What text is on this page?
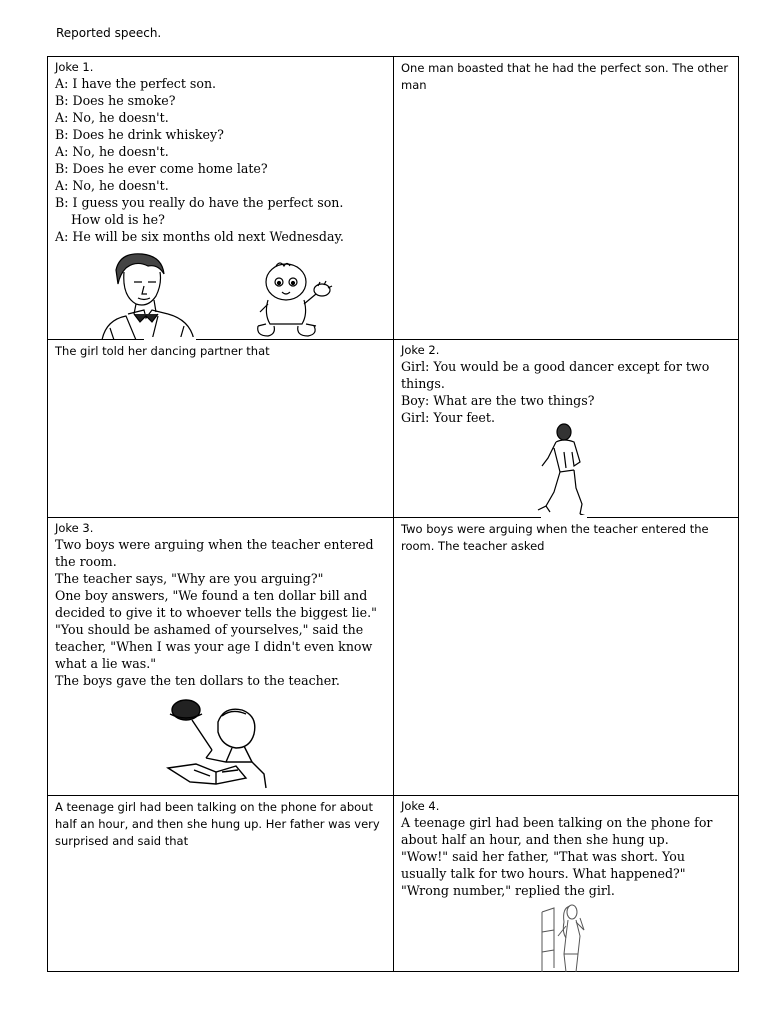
Reported speech.
Joke 1.
A: I have the perfect son.
B: Does he smoke?
A: No, he doesn't.
B: Does he drink whiskey?
A: No, he doesn't.
B: Does he ever come home late?
A: No, he doesn't.
B: I guess you really do have the perfect son.
How old is he?
A: He will be six months old next Wednesday.
One man boasted that he had the perfect son. The other man
The girl told her dancing partner that	Joke 2.
Girl: You would be a good dancer except for two things.
Boy: What are the two things?
Girl: Your feet.
Joke 3.
Two boys were arguing when the teacher entered the room.
The teacher says, "Why are you arguing?"
One boy answers, "We found a ten dollar bill and decided to give it to whoever tells the biggest lie."
"You should be ashamed of yourselves," said the teacher, "When I was your age I didn't even know what a lie was."
The boys gave the ten dollars to the teacher.
Two boys were arguing when the teacher entered the room. The teacher asked
A teenage girl had been talking on the phone for about half an hour, and then she hung up. Her father was very surprised and said that
Joke 4.
A teenage girl had been talking on the phone for about half an hour, and then she hung up.
"Wow!" said her father, "That was short. You usually talk for two hours. What happened?"
"Wrong number," replied the girl.
